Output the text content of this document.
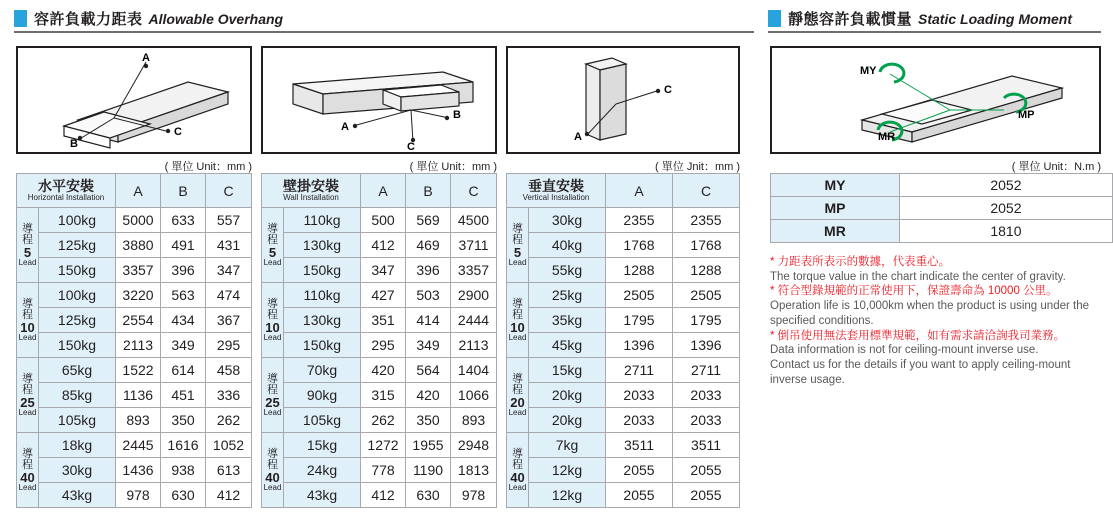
容許負載力距表 Allowable Overhang	靜態容許負載慣量 Static Loading Moment
A
B
C
( 單位 Unit：mm )
A
B
C
( 單位 Unit：mm )
A
C
( 單位 Jnit：mm )
MY
MR
MP
( 單位 Unit：N.m )
水平安裝
Horizontal Installation		A	B	C

導
程
5
Lead	100kg	5000	633	557
	125kg	3880	491	431
	150kg	3357	396	347

導
程
10
Lead	100kg	3220	563	474
	125kg	2554	434	367
	150kg	2113	349	295

導
程
25
Lead	65kg	1522	614	458
	85kg	1136	451	336
	105kg	893	350	262

導
程
40
Lead	18kg	2445	1616	1052
	30kg	1436	938	613
	43kg	978	630	412
壁掛安裝
Wall Installation		A	B	C

導
程
5
Lead	110kg	500	569	4500
	130kg	412	469	3711
	150kg	347	396	3357

導
程
10
Lead	110kg	427	503	2900
	130kg	351	414	2444
	150kg	295	349	2113

導
程
25
Lead	70kg	420	564	1404
	90kg	315	420	1066
	105kg	262	350	893

導
程
40
Lead	15kg	1272	1955	2948
	24kg	778	1190	1813
	43kg	412	630	978
垂直安裝
Vertical Installation		A	C

導
程
5
Lead	30kg	2355	2355
	40kg	1768	1768
	55kg	1288	1288

導
程
10
Lead	25kg	2505	2505
	35kg	1795	1795
	45kg	1396	1396

導
程
20
Lead	15kg	2711	2711
	20kg	2033	2033
	20kg	2033	2033

導
程
40
Lead	7kg	3511	3511
	12kg	2055	2055
	12kg	2055	2055
MY	2052
MP	2052
MR	1810
* 力距表所表示的數據，代表重心。
The torque value in the chart indicate the center of gravity.
* 符合型錄規範的正常使用下，保證壽命為 10000 公里。
Operation life is 10,000km when the product is using under the
specified conditions.
* 倒吊使用無法套用標準規範，如有需求請洽詢我司業務。
Data information is not for ceiling-mount inverse use.
Contact us for the details if you want to apply ceiling-mount
inverse usage.
